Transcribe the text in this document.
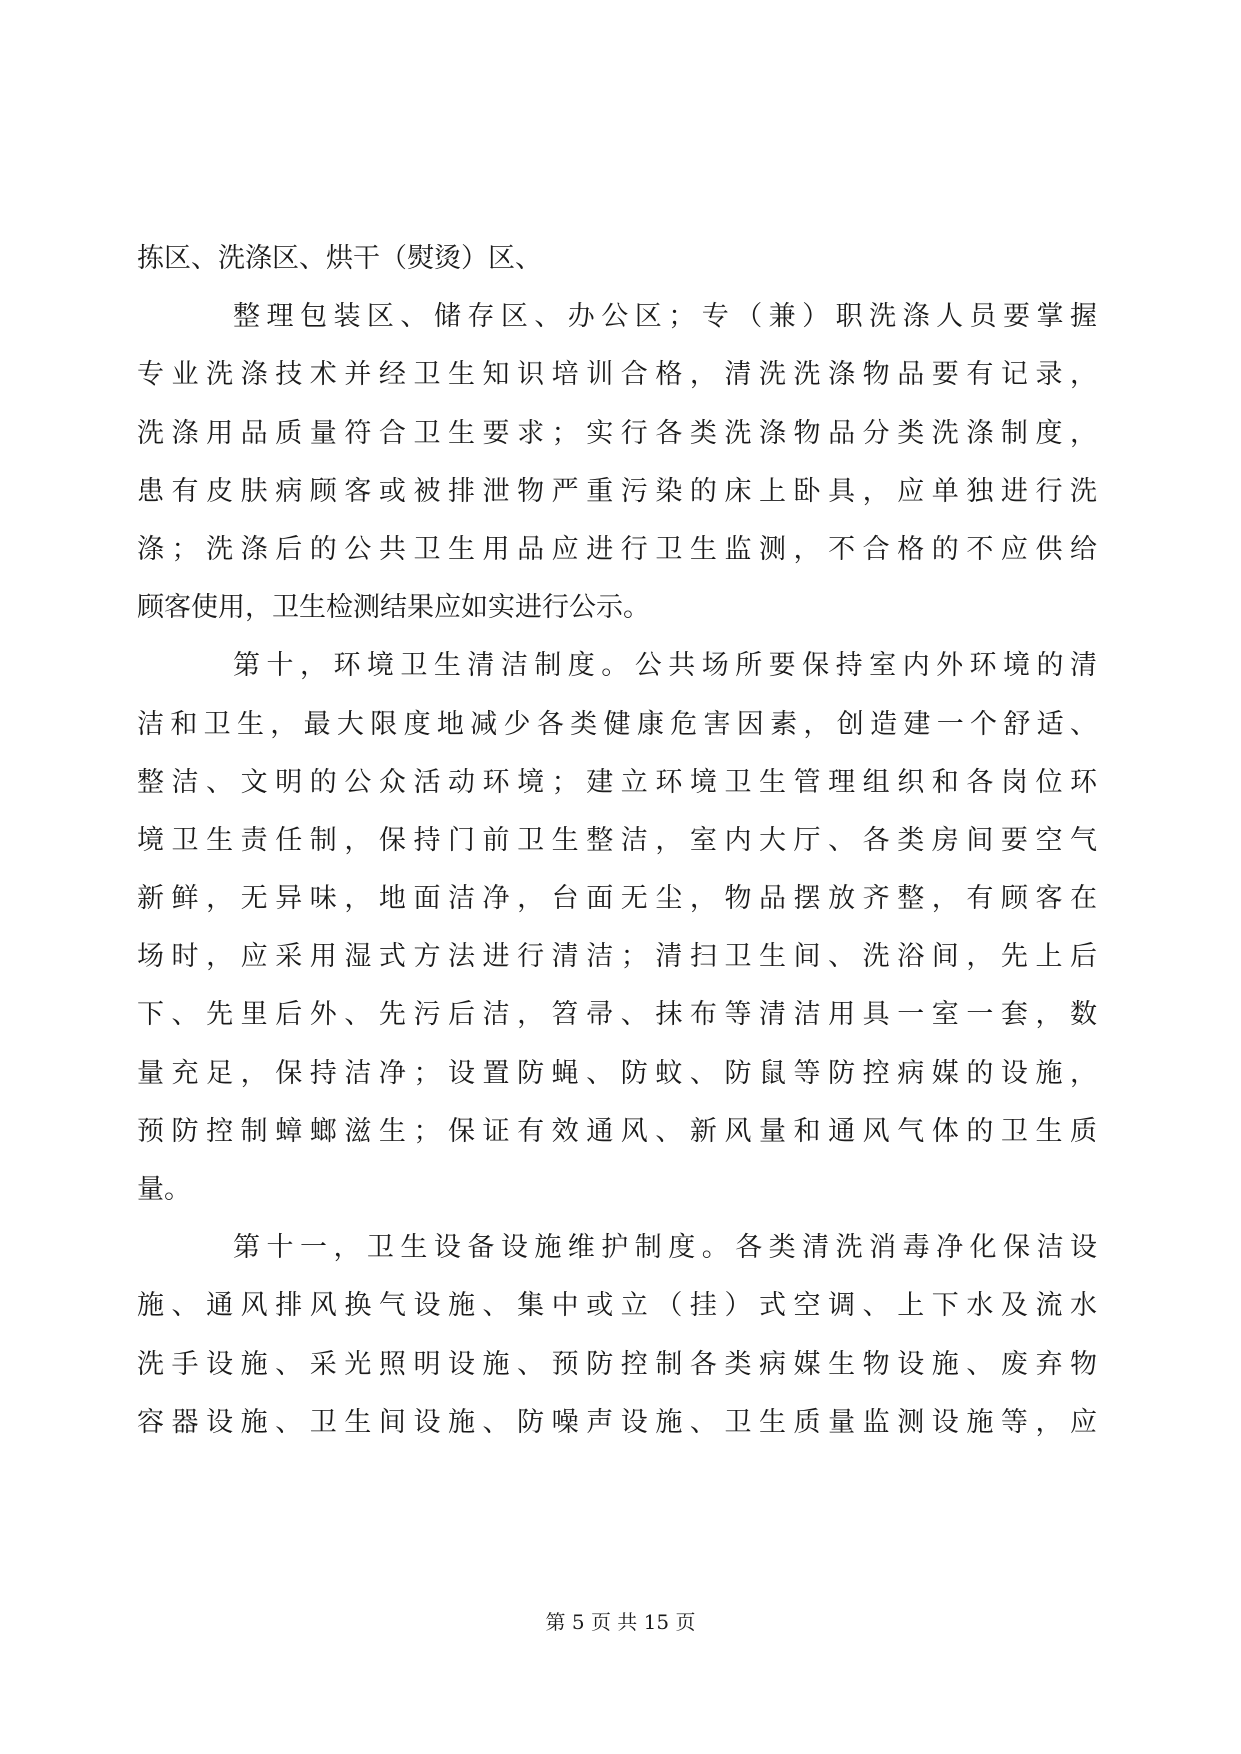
拣区、洗涤区、烘干（熨烫）区、
整理包装区、储存区、办公区；专（兼）职洗涤人员要掌握
专业洗涤技术并经卫生知识培训合格，清洗洗涤物品要有记录，
洗涤用品质量符合卫生要求；实行各类洗涤物品分类洗涤制度，
患有皮肤病顾客或被排泄物严重污染的床上卧具，应单独进行洗
涤；洗涤后的公共卫生用品应进行卫生监测，不合格的不应供给
顾客使用，卫生检测结果应如实进行公示。
第十，环境卫生清洁制度。公共场所要保持室内外环境的清
洁和卫生，最大限度地减少各类健康危害因素，创造建一个舒适、
整洁、文明的公众活动环境；建立环境卫生管理组织和各岗位环
境卫生责任制，保持门前卫生整洁，室内大厅、各类房间要空气
新鲜，无异味，地面洁净，台面无尘，物品摆放齐整，有顾客在
场时，应采用湿式方法进行清洁；清扫卫生间、洗浴间，先上后
下、先里后外、先污后洁，笤帚、抹布等清洁用具一室一套，数
量充足，保持洁净；设置防蝇、防蚊、防鼠等防控病媒的设施，
预防控制蟑螂滋生；保证有效通风、新风量和通风气体的卫生质
量。
第十一，卫生设备设施维护制度。各类清洗消毒净化保洁设
施、通风排风换气设施、集中或立（挂）式空调、上下水及流水
洗手设施、采光照明设施、预防控制各类病媒生物设施、废弃物
容器设施、卫生间设施、防噪声设施、卫生质量监测设施等，应
第 5 页 共 15 页
